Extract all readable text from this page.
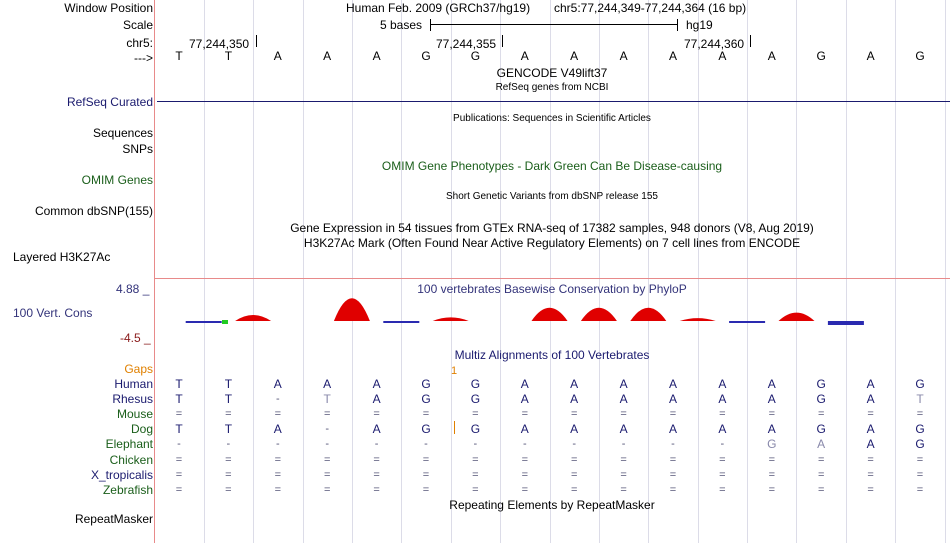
Window Position	Human Feb. 2009 (GRCh37/hg19) chr5:77,244,349-77,244,364 (16 bp)
Scale	5 bases	hg19
chr5:	77,244,350	77,244,355	77,244,360
---> T	T	A	A	A	G	G	A	A	A	A	A	A	G	A	G
GENCODE V49lift37
RefSeq genes from NCBI
RefSeq Curated
Publications: Sequences in Scientific Articles
Sequences
SNPs
OMIM Gene Phenotypes - Dark Green Can Be Disease-causing
OMIM Genes
Short Genetic Variants from dbSNP release 155
Common dbSNP(155)
Gene Expression in 54 tissues from GTEx RNA-seq of 17382 samples, 948 donors (V8, Aug 2019)
H3K27Ac Mark (Often Found Near Active Regulatory Elements) on 7 cell lines from ENCODE
Layered H3K27Ac
100 vertebrates Basewise Conservation by PhyloP
4.88 _
100 Vert. Cons
-4.5 _
Multiz Alignments of 100 Vertebrates
Gaps	1
Human T	T	A	A	A	G	G	A	A	A	A	A	A	G	A	G
Rhesus T	T	-	T	A	G	G	A	A	A	A	A	A	G	A	T
Mouse	=	=	=	=	=	=	=	=	=	=	=	=	=	=	=	=
Dog T	T	A	-	A	G	G	A	A	A	A	A	A	G	A	G
Elephant	-	-	-	-	-	-	-	-	-	-	-	-	G	A	A	G
Chicken	=	=	=	=	=	=	=	=	=	=	=	=	=	=	=	=
X_tropicalis	=	=	=	=	=	=	=	=	=	=	=	=	=	=	=	=
Zebrafish	=	=	=	=	=	=	=	=	=	=	=	=	=	=	=	=
Repeating Elements by RepeatMasker
RepeatMasker
